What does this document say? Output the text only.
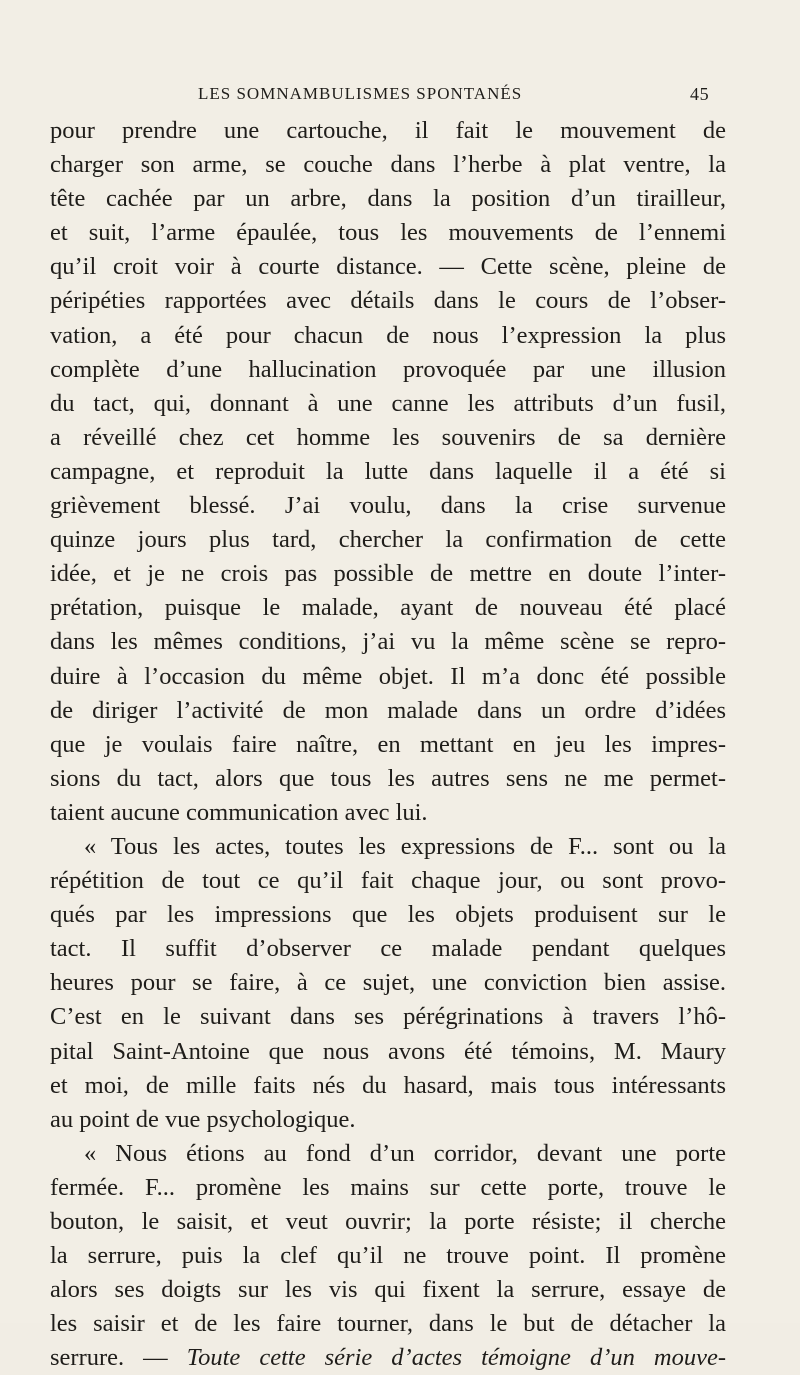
LES SOMNAMBULISMES SPONTANÉS	45
pour prendre une cartouche, il fait le mouvement de
charger son arme, se couche dans l’herbe à plat ventre, la
tête cachée par un arbre, dans la position d’un tirailleur,
et suit, l’arme épaulée, tous les mouvements de l’ennemi
qu’il croit voir à courte distance. — Cette scène, pleine de
péripéties rapportées avec détails dans le cours de l’obser-
vation, a été pour chacun de nous l’expression la plus
complète d’une hallucination provoquée par une illusion
du tact, qui, donnant à une canne les attributs d’un fusil,
a réveillé chez cet homme les souvenirs de sa dernière
campagne, et reproduit la lutte dans laquelle il a été si
grièvement blessé. J’ai voulu, dans la crise survenue
quinze jours plus tard, chercher la confirmation de cette
idée, et je ne crois pas possible de mettre en doute l’inter-
prétation, puisque le malade, ayant de nouveau été placé
dans les mêmes conditions, j’ai vu la même scène se repro-
duire à l’occasion du même objet. Il m’a donc été possible
de diriger l’activité de mon malade dans un ordre d’idées
que je voulais faire naître, en mettant en jeu les impres-
sions du tact, alors que tous les autres sens ne me permet-
taient aucune communication avec lui.
« Tous les actes, toutes les expressions de F... sont ou la
répétition de tout ce qu’il fait chaque jour, ou sont provo-
qués par les impressions que les objets produisent sur le
tact. Il suffit d’observer ce malade pendant quelques
heures pour se faire, à ce sujet, une conviction bien assise.
C’est en le suivant dans ses pérégrinations à travers l’hô-
pital Saint-Antoine que nous avons été témoins, M. Maury
et moi, de mille faits nés du hasard, mais tous intéressants
au point de vue psychologique.
« Nous étions au fond d’un corridor, devant une porte
fermée. F... promène les mains sur cette porte, trouve le
bouton, le saisit, et veut ouvrir; la porte résiste; il cherche
la serrure, puis la clef qu’il ne trouve point. Il promène
alors ses doigts sur les vis qui fixent la serrure, essaye de
les saisir et de les faire tourner, dans le but de détacher la
serrure. — Toute cette série d’actes témoigne d’un mouve-
